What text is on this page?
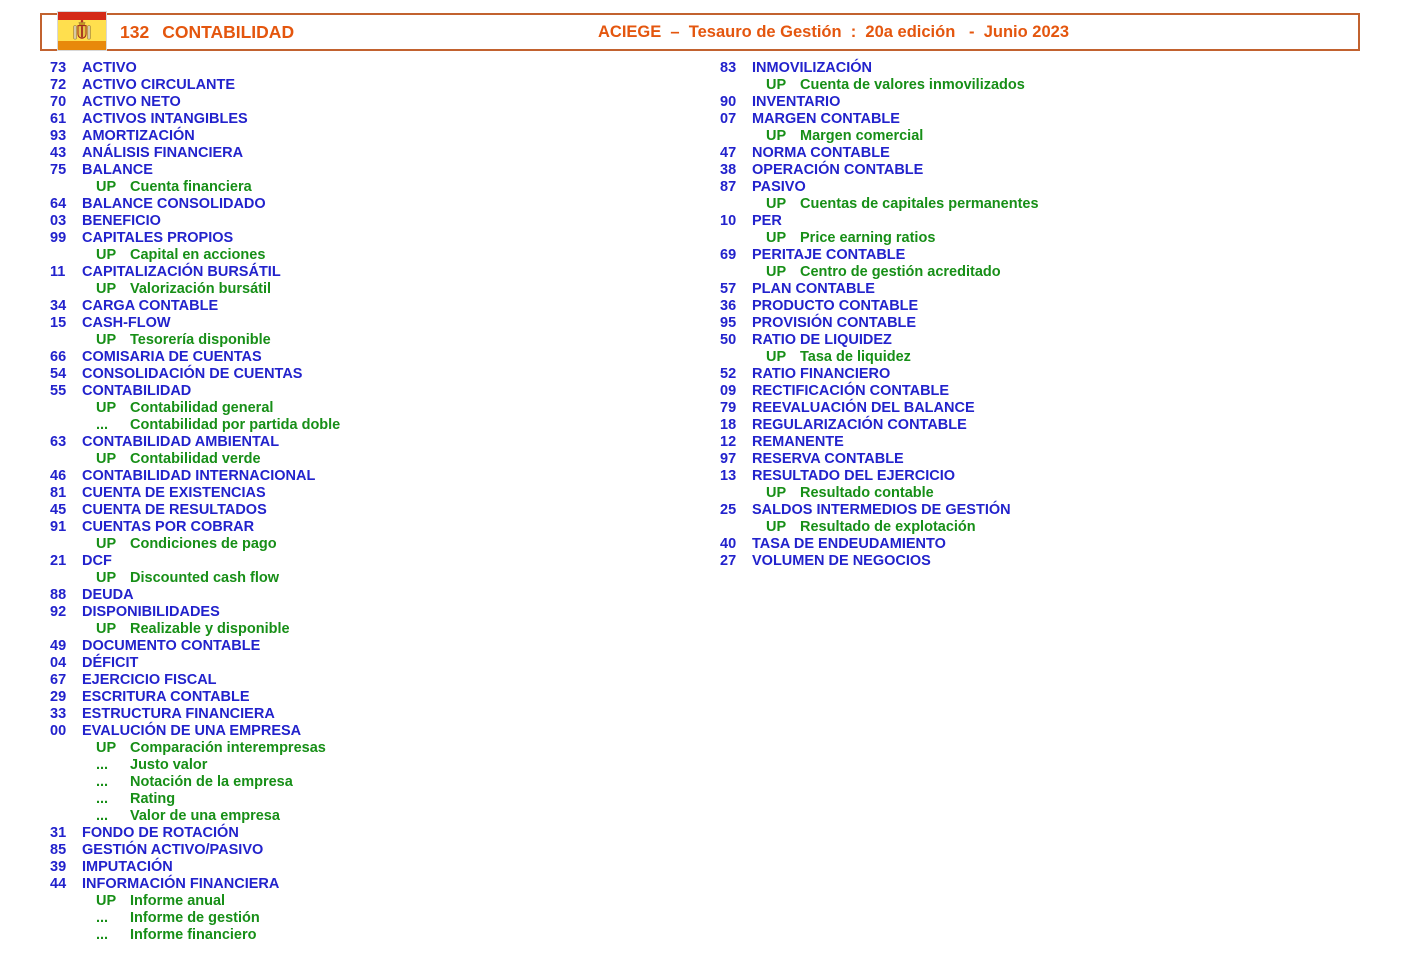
132 CONTABILIDAD	ACIEGE  –  Tesauro de Gestión  :  20a edición   -  Junio 2023
73 ACTIVO
72 ACTIVO CIRCULANTE
70 ACTIVO NETO
61 ACTIVOS INTANGIBLES
93 AMORTIZACIÓN
43 ANÁLISIS FINANCIERA
75 BALANCE
UP Cuenta financiera
64 BALANCE CONSOLIDADO
03 BENEFICIO
99 CAPITALES PROPIOS
UP Capital en acciones
11 CAPITALIZACIÓN BURSÁTIL
UP Valorización bursátil
34 CARGA CONTABLE
15 CASH-FLOW
UP Tesorería disponible
66 COMISARIA DE CUENTAS
54 CONSOLIDACIÓN DE CUENTAS
55 CONTABILIDAD
UP Contabilidad general
... Contabilidad por partida doble
63 CONTABILIDAD AMBIENTAL
UP Contabilidad verde
46 CONTABILIDAD INTERNACIONAL
81 CUENTA DE EXISTENCIAS
45 CUENTA DE RESULTADOS
91 CUENTAS POR COBRAR
UP Condiciones de pago
21 DCF
UP Discounted cash flow
88 DEUDA
92 DISPONIBILIDADES
UP Realizable y disponible
49 DOCUMENTO CONTABLE
04 DÉFICIT
67 EJERCICIO FISCAL
29 ESCRITURA CONTABLE
33 ESTRUCTURA FINANCIERA
00 EVALUCIÓN DE UNA EMPRESA
UP Comparación interempresas
... Justo valor
... Notación de la empresa
... Rating
... Valor de una empresa
31 FONDO DE ROTACIÓN
85 GESTIÓN ACTIVO/PASIVO
39 IMPUTACIÓN
44 INFORMACIÓN FINANCIERA
UP Informe anual
... Informe de gestión
... Informe financiero
83 INMOVILIZACIÓN
UP Cuenta de valores inmovilizados
90 INVENTARIO
07 MARGEN CONTABLE
UP Margen comercial
47 NORMA CONTABLE
38 OPERACIÓN CONTABLE
87 PASIVO
UP Cuentas de capitales permanentes
10 PER
UP Price earning ratios
69 PERITAJE CONTABLE
UP Centro de gestión acreditado
57 PLAN CONTABLE
36 PRODUCTO CONTABLE
95 PROVISIÓN CONTABLE
50 RATIO DE LIQUIDEZ
UP Tasa de liquidez
52 RATIO FINANCIERO
09 RECTIFICACIÓN CONTABLE
79 REEVALUACIÓN DEL BALANCE
18 REGULARIZACIÓN CONTABLE
12 REMANENTE
97 RESERVA CONTABLE
13 RESULTADO DEL EJERCICIO
UP Resultado contable
25 SALDOS INTERMEDIOS DE GESTIÓN
UP Resultado de explotación
40 TASA DE ENDEUDAMIENTO
27 VOLUMEN DE NEGOCIOS
